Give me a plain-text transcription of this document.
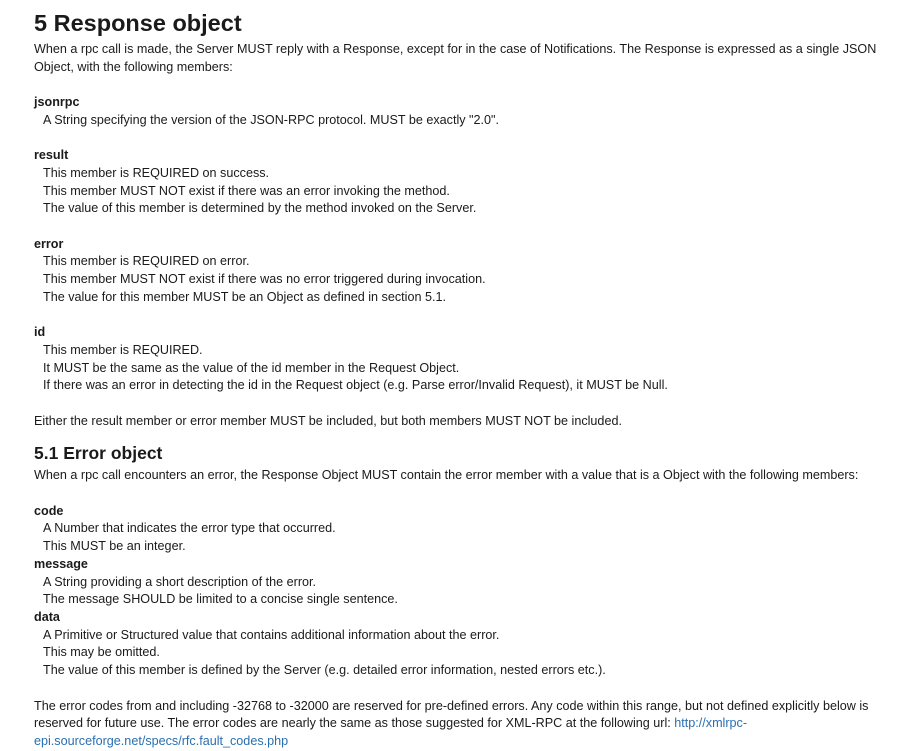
5 Response object

When a rpc call is made, the Server MUST reply with a Response, except for in the case of Notifications. The Response is expressed as a single JSON Object, with the following members:

jsonrpc
A String specifying the version of the JSON-RPC protocol. MUST be exactly "2.0".
result
This member is REQUIRED on success.
This member MUST NOT exist if there was an error invoking the method.
The value of this member is determined by the method invoked on the Server.
error
This member is REQUIRED on error.
This member MUST NOT exist if there was no error triggered during invocation.
The value for this member MUST be an Object as defined in section 5.1.
id
This member is REQUIRED.
It MUST be the same as the value of the id member in the Request Object.
If there was an error in detecting the id in the Request object (e.g. Parse error/Invalid Request), it MUST be Null.

Either the result member or error member MUST be included, but both members MUST NOT be included.

5.1 Error object

When a rpc call encounters an error, the Response Object MUST contain the error member with a value that is a Object with the following members:

code
A Number that indicates the error type that occurred.
This MUST be an integer.
message
A String providing a short description of the error.
The message SHOULD be limited to a concise single sentence.
data
A Primitive or Structured value that contains additional information about the error.
This may be omitted.
The value of this member is defined by the Server (e.g. detailed error information, nested errors etc.).

The error codes from and including -32768 to -32000 are reserved for pre-defined errors. Any code within this range, but not defined explicitly below is reserved for future use. The error codes are nearly the same as those suggested for XML-RPC at the following url: http://xmlrpc-epi.sourceforge.net/specs/rfc.fault_codes.php
